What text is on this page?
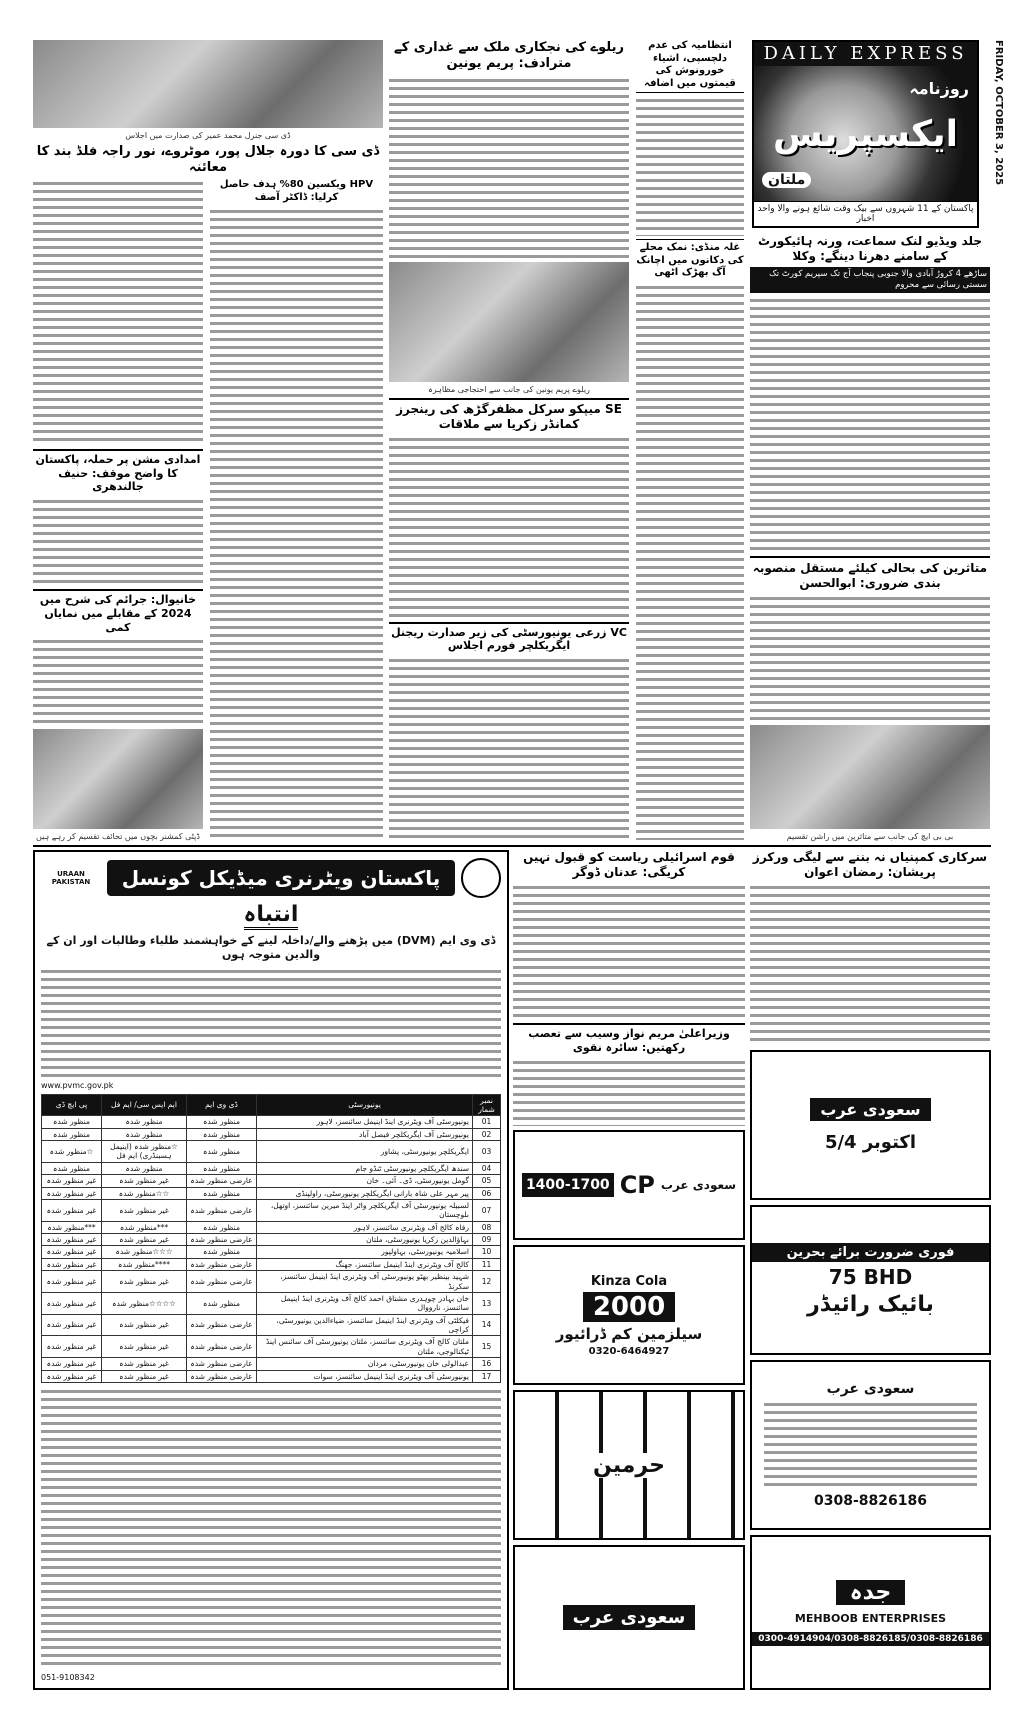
DAILY EXPRESS
روزنامہ
ایکسپریس
ملتان
پاکستان کے 11 شہروں سے بیک وقت شائع ہونے والا واحد اخبار
FRIDAY, OCTOBER 3, 2025
جلد ویڈیو لنک سماعت، ورنہ ہائیکورٹ کے سامنے دھرنا دینگے: وکلا
ساڑھے 4 کروڑ آبادی والا جنوبی پنجاب آج تک سپریم کورٹ تک سستی رسائی سے محروم
متاثرین کی بحالی کیلئے مستقل منصوبہ بندی ضروری: ابوالحسن
بی بی ایچ کی جانب سے متاثرین میں راشن تقسیم
سرکاری کمپنیاں نہ بننے سے لیگی ورکرز پریشان: رمضان اعوان
انتظامیہ کی عدم دلچسپی، اشیاء خورونوش کی قیمتوں میں اضافہ
غلہ منڈی: نمک محلے کی دکانوں میں اچانک آگ بھڑک اٹھی
ریلوے کی نجکاری ملک سے غداری کے مترادف: پریم یونین
ریلوے پریم یونین کی جانب سے احتجاجی مظاہرہ
SE میپکو سرکل مظفرگڑھ کی رینجرز کمانڈر زکریا سے ملاقات
VC زرعی یونیورسٹی کی زیر صدارت ریجنل ایگریکلچر فورم اجلاس
ڈی سی جنرل محمد عمیر کی صدارت میں اجلاس
ڈی سی کا دورہ جلال پور، موٹروے، نور راجہ فلڈ بند کا معائنہ
امدادی مشن پر حملہ، پاکستان کا واضح موقف: حنیف جالندھری
خانیوال: جرائم کی شرح میں 2024 کے مقابلے میں نمایاں کمی
ڈپٹی کمشنر بچوں میں تحائف تقسیم کر رہے ہیں
HPV ویکسین 80% ہدف حاصل کرلیا: ڈاکٹر آصف
URAAN PAKISTAN	پاکستان ویٹرنری میڈیکل کونسل
انتباہ
ڈی وی ایم (DVM) میں پڑھنے والے/داخلہ لینے کے خواہشمند طلباء وطالبات اور ان کے والدین متوجہ ہوں
www.pvmc.gov.pk
نمبر شمار	یونیورسٹی	ڈی وی ایم	ایم ایس سی/ ایم فل	پی ایچ ڈی
01	یونیورسٹی آف ویٹرنری اینڈ اینیمل سائنسز، لاہور	منظور شدہ	منظور شدہ	منظور شدہ
02	یونیورسٹی آف ایگریکلچر فیصل آباد	منظور شدہ	منظور شدہ	منظور شدہ
03	ایگریکلچر یونیورسٹی، پشاور	منظور شدہ	☆منظور شدہ (اینیمل ہسبنڈری) ایم فل	☆منظور شدہ
04	سندھ ایگریکلچر یونیورسٹی ٹنڈو جام	منظور شدہ	منظور شدہ	منظور شدہ
05	گومل یونیورسٹی، ڈی۔ آئی۔ خان	عارضی منظور شدہ	غیر منظور شدہ	غیر منظور شدہ
06	پیر مہر علی شاہ بارانی ایگریکلچر یونیورسٹی، راولپنڈی	منظور شدہ	☆☆منظور شدہ	غیر منظور شدہ
07	لسبیلہ یونیورسٹی آف ایگریکلچر واٹر اینڈ میرین سائنسز، اوتھل، بلوچستان	عارضی منظور شدہ	غیر منظور شدہ	غیر منظور شدہ
08	رفاہ کالج آف ویٹرنری سائنسز، لاہور	منظور شدہ	***منظور شدہ	***منظور شدہ
09	بہاؤالدین زکریا یونیورسٹی، ملتان	عارضی منظور شدہ	غیر منظور شدہ	غیر منظور شدہ
10	اسلامیہ یونیورسٹی، بہاولپور	منظور شدہ	☆☆☆منظور شدہ	غیر منظور شدہ
11	کالج آف ویٹرنری اینڈ اینیمل سائنسز، جھنگ	عارضی منظور شدہ	****منظور شدہ	غیر منظور شدہ
12	شہید بینظیر بھٹو یونیورسٹی آف ویٹرنری اینڈ اینیمل سائنسز، سکرنڈ	عارضی منظور شدہ	غیر منظور شدہ	غیر منظور شدہ
13	خان بہادر چوہدری مشتاق احمد کالج آف ویٹرنری اینڈ اینیمل سائنسز، نارووال	منظور شدہ	☆☆☆☆منظور شدہ	غیر منظور شدہ
14	فیکلٹی آف ویٹرنری اینڈ اینیمل سائنسز، ضیاءالدین یونیورسٹی، کراچی	عارضی منظور شدہ	غیر منظور شدہ	غیر منظور شدہ
15	ملتان کالج آف ویٹرنری سائنسز، ملتان یونیورسٹی آف سائنس اینڈ ٹیکنالوجی، ملتان	عارضی منظور شدہ	غیر منظور شدہ	غیر منظور شدہ
16	عبدالولی خان یونیورسٹی، مردان	عارضی منظور شدہ	غیر منظور شدہ	غیر منظور شدہ
17	یونیورسٹی آف ویٹرنری اینڈ اینیمل سائنسز، سوات	عارضی منظور شدہ	غیر منظور شدہ	غیر منظور شدہ
051-9108342
قوم اسرائیلی ریاست کو قبول نہیں کریگی: عدنان ڈوگر
وزیراعلیٰ مریم نواز وسیب سے تعصب رکھتیں: سائرہ نقوی
1400-1700 CP سعودی عرب
Kinza Cola
2000
سیلزمین کم ڈرائیور
0320-6464927
حرمین
سعودی عرب
سعودی عرب
5/4 اکتوبر
فوری ضرورت برائے بحرین
75 BHD
بائیک رائیڈر
سعودی عرب
0308-8826186
جدہ
MEHBOOB ENTERPRISES
0300-4914904/0308-8826185/0308-8826186
